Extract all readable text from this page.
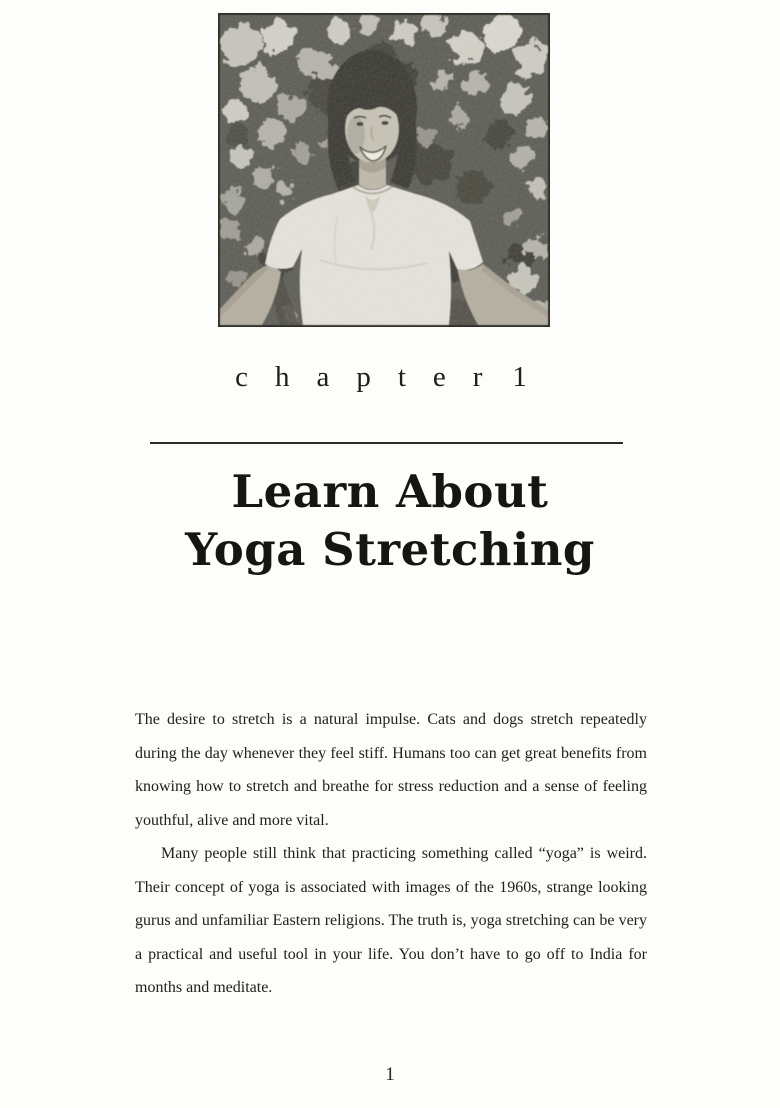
chapter 1
Learn About
Yoga Stretching

The desire to stretch is a natural impulse. Cats and dogs stretch repeatedly during the day whenever they feel stiff. Humans too can get great benefits from knowing how to stretch and breathe for stress reduction and a sense of feeling youthful, alive and more vital.

Many people still think that practicing something called “yoga” is weird. Their concept of yoga is associated with images of the 1960s, strange looking gurus and unfamiliar Eastern religions. The truth is, yoga stretching can be very a practical and useful tool in your life. You don’t have to go off to India for months and meditate.

1
